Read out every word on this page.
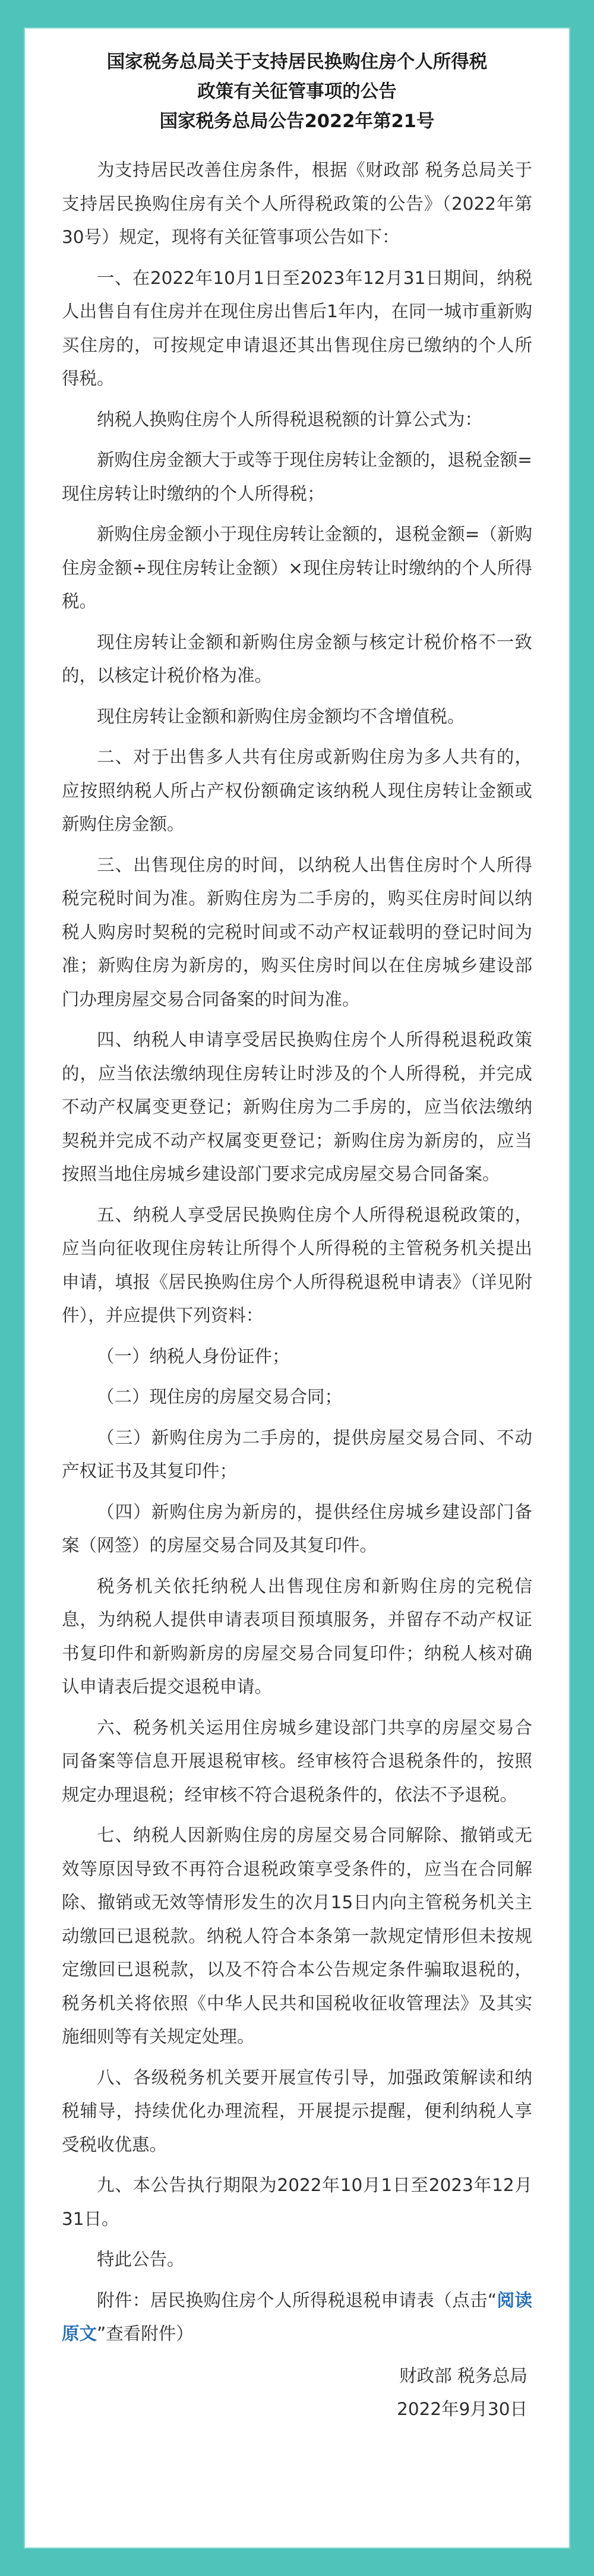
国家税务总局关于支持居民换购住房个人所得税
政策有关征管事项的公告
国家税务总局公告2022年第21号

为支持居民改善住房条件，根据《财政部 税务总局关于支持居民换购住房有关个人所得税政策的公告》（2022年第30号）规定，现将有关征管事项公告如下：

一、在2022年10月1日至2023年12月31日期间，纳税人出售自有住房并在现住房出售后1年内，在同一城市重新购买住房的，可按规定申请退还其出售现住房已缴纳的个人所得税。

纳税人换购住房个人所得税退税额的计算公式为：

新购住房金额大于或等于现住房转让金额的，退税金额=现住房转让时缴纳的个人所得税；

新购住房金额小于现住房转让金额的，退税金额=（新购住房金额÷现住房转让金额）×现住房转让时缴纳的个人所得税。

现住房转让金额和新购住房金额与核定计税价格不一致的，以核定计税价格为准。

现住房转让金额和新购住房金额均不含增值税。

二、对于出售多人共有住房或新购住房为多人共有的，应按照纳税人所占产权份额确定该纳税人现住房转让金额或新购住房金额。

三、出售现住房的时间，以纳税人出售住房时个人所得税完税时间为准。新购住房为二手房的，购买住房时间以纳税人购房时契税的完税时间或不动产权证载明的登记时间为准；新购住房为新房的，购买住房时间以在住房城乡建设部门办理房屋交易合同备案的时间为准。

四、纳税人申请享受居民换购住房个人所得税退税政策的，应当依法缴纳现住房转让时涉及的个人所得税，并完成不动产权属变更登记；新购住房为二手房的，应当依法缴纳契税并完成不动产权属变更登记；新购住房为新房的，应当按照当地住房城乡建设部门要求完成房屋交易合同备案。

五、纳税人享受居民换购住房个人所得税退税政策的，应当向征收现住房转让所得个人所得税的主管税务机关提出申请，填报《居民换购住房个人所得税退税申请表》（详见附件），并应提供下列资料：

（一）纳税人身份证件；

（二）现住房的房屋交易合同；

（三）新购住房为二手房的，提供房屋交易合同、不动产权证书及其复印件；

（四）新购住房为新房的，提供经住房城乡建设部门备案（网签）的房屋交易合同及其复印件。

税务机关依托纳税人出售现住房和新购住房的完税信息，为纳税人提供申请表项目预填服务，并留存不动产权证书复印件和新购新房的房屋交易合同复印件；纳税人核对确认申请表后提交退税申请。

六、税务机关运用住房城乡建设部门共享的房屋交易合同备案等信息开展退税审核。经审核符合退税条件的，按照规定办理退税；经审核不符合退税条件的，依法不予退税。

七、纳税人因新购住房的房屋交易合同解除、撤销或无效等原因导致不再符合退税政策享受条件的，应当在合同解除、撤销或无效等情形发生的次月15日内向主管税务机关主动缴回已退税款。纳税人符合本条第一款规定情形但未按规定缴回已退税款，以及不符合本公告规定条件骗取退税的，税务机关将依照《中华人民共和国税收征收管理法》及其实施细则等有关规定处理。

八、各级税务机关要开展宣传引导，加强政策解读和纳税辅导，持续优化办理流程，开展提示提醒，便利纳税人享受税收优惠。

九、本公告执行期限为2022年10月1日至2023年12月31日。

特此公告。

附件：居民换购住房个人所得税退税申请表（点击“阅读原文”查看附件）

财政部 税务总局
2022年9月30日
